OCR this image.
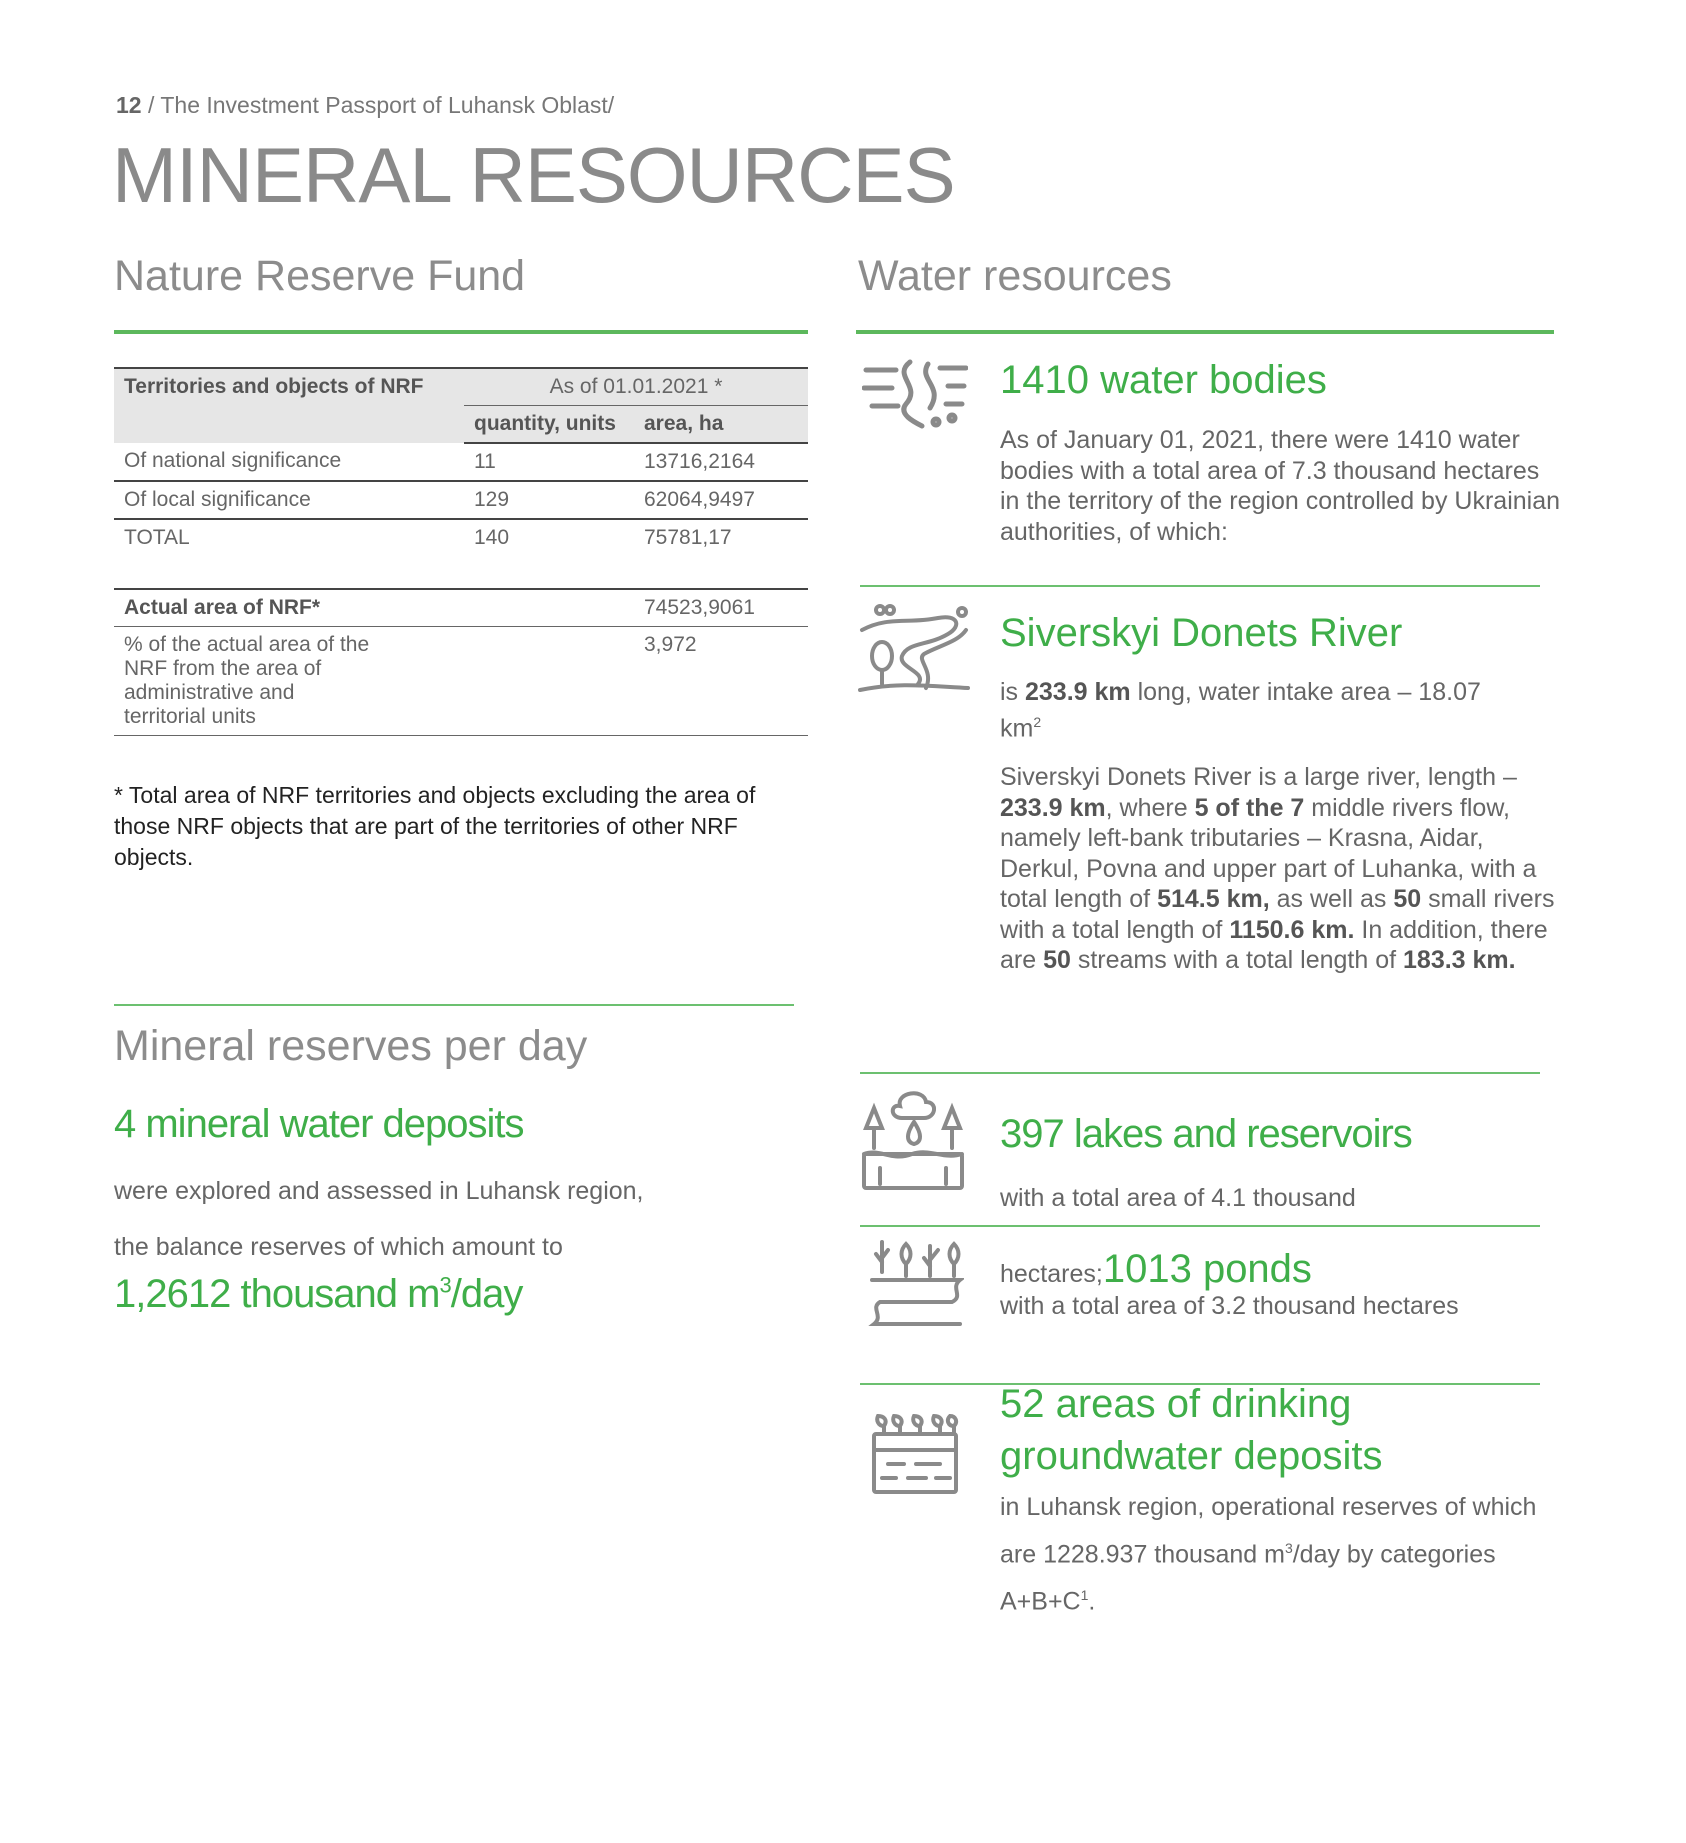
12 / The Investment Passport of Luhansk Oblast/
MINERAL RESOURCES
Nature Reserve Fund
Territories and objects of NRF	As of 01.01.2021 *	
	quantity, units	area, ha
Of national significance	11	13716,2164
Of local significance	129	62064,9497
TOTAL	140	75781,17

Actual area of NRF*		74523,9061
% of the actual area of the NRF from the area of administrative and territorial units		3,972
* Total area of NRF territories and objects excluding the area of those NRF objects that are part of the territories of other NRF objects.
Mineral reserves per day
4 mineral water deposits
were explored and assessed in Luhansk region,
the balance reserves of which amount to
1,2612 thousand $m^3$/day
Water resources
1410 water bodies
As of January 01, 2021, there were 1410 water bodies with a total area of 7.3 thousand hectares in the territory of the region controlled by Ukrainian authorities, of which:
Siverskyi Donets River
is 233.9 km long, water intake area – 18.07 $km^2$
Siverskyi Donets River is a large river, length – 233.9 km, where 5 of the 7 middle rivers flow, namely left-bank tributaries – Krasna, Aidar, Derkul, Povna and upper part of Luhanka, with a total length of 514.5 km, as well as 50 small rivers with a total length of 1150.6 km. In addition, there are 50 streams with a total length of 183.3 km.
397 lakes and reservoirs
with a total area of 4.1 thousand
hectares;1013 ponds
with a total area of 3.2 thousand hectares
52 areas of drinking groundwater deposits
in Luhansk region, operational reserves of which are 1228.937 thousand $m^3$/day by categories $A+B+C^1$.
